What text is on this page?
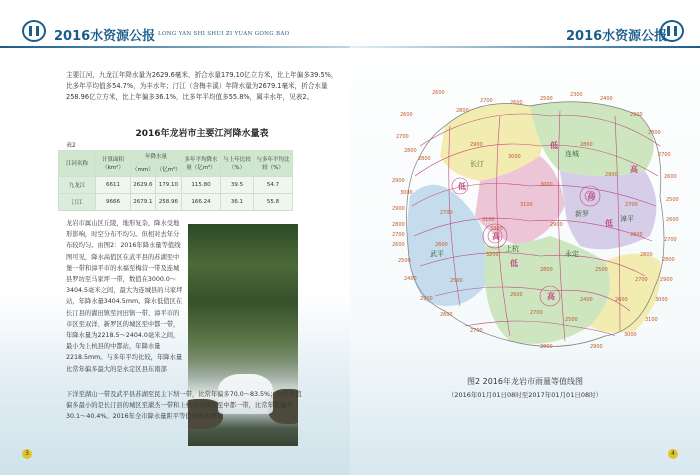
2016水资源公报 LONG YAN SHI SHUI ZI YUAN GONG BAO

主要江河，九龙江年降水量为2629.6毫米，折合水量179.10亿立方米，比上年偏多39.5%，比多年平均值多54.7%，为丰水年；汀江（含梅丰溪）年降水量为2679.1毫米，折合水量258.96亿立方米，比上年偏多36.1%，比多年平均值多55.8%，属丰水年，见表2。

2016年龙岩市主要江河降水量表
表2
江河名称	计算面积（km²）	年降水量		多年平均降水量（亿m³）	与上年比较（%）	与多年平均比较（%）
		（mm）	（亿m³）			
九龙江	6611	2629.6	179.10	115.80	39.5	54.7
汀江	9666	2679.1	258.96	166.24	36.1	55.8

龙岩市属山区丘陵，地形复杂，降水受地形影响，时空分布不均匀。但相对去年分布较均匀。由图2：2016年降水量等值线图可见，降水高值区在武平县的苏湖至中堡一带和漳平市的永福至梅营一带及连城县罗坊至马家坪一带，数值在3000.0～3404.5毫米之间，最大为连城县的马家坪站，年降水量3404.5mm。降水低值区在长汀县的濯田镇至河田镇一带、漳平市的市区至双洋、新罗区的城区至中都一带，年降水量为2218.5～2404.0毫米之间，最小为上杭县的中都站，年降水量2218.5mm。与多年平均比较，年降水量比常年偏多最大的是永定区县东南部

下洋至湖山一带及武平县苏湖至民主下坝一带，比常年偏多70.0～83.5%；比常年值偏多最小的是长汀县的城区至濯杰一带和上杭县的城区至中都一带，比常年值偏多30.1～40.4%。2016年全市降水量距平等值线图见图3。

3
LONG YAN SHI SHUI ZI YUAN GONG BAO
2016水资源公报
2600
2600
2700
2800
2800
2900
3000
2900
2800
2700
2600
2500
2400
2500
2600
2700
2800	2900
3000
3100
3000
2900
2800
2700
2600
2500
2600
2700
2800
2900
2400
2300
2500
2600
2700
2800
2900
3000
3100
3200
3300
3100
3000
2900
2800
2700
2600
2500
2600
2700
2800
2900
2700
2600
2500
2400
2500
2600
2700
2800
高
高
高
高
低
低
低
低
长汀
连城
漳平
新罗
上杭
永定
武平
图2 2016年龙岩市雨量等值线图
（2016年01月01日08时至2017年01月01日08时）
4
